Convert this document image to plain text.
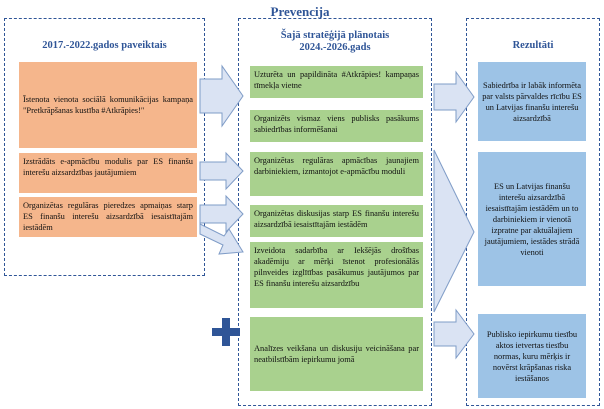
Prevencija
2017.-2022.gados paveiktais
Šajā stratēģijā plānotais
2024.-2026.gads	Rezultāti
Īstenota vienota sociālā komunikācijas kampaņa "Pretkrāpšanas kustība #Atkrāpies!"
Izstrādāts e-apmācību modulis par ES finanšu interešu aizsardzības jautājumiem
Organizētas regulāras pieredzes apmaiņas starp ES finanšu interešu aizsardzībā iesaistītajām iestādēm
Uzturēta un papildināta #Atkrāpies! kampaņas tīmekļa vietne
Organizēts vismaz viens publisks pasākums sabiedrības informēšanai
Organizētas regulāras apmācības jaunajiem darbiniekiem, izmantojot e-apmācību moduli
Organizētas diskusijas starp ES finanšu interešu aizsardzībā iesaistītajām iestādēm
Izveidota sadarbība ar Iekšējās drošības akadēmiju ar mērķi īstenot profesionālās pilnveides izglītības pasākumus jautājumos par ES finanšu interešu aizsardzību
Analīzes veikšana un diskusiju veicināšana par neatbilstībām iepirkumu jomā
Sabiedrība ir labāk informēta par valsts pārvaldes rīcību ES un Latvijas finanšu interešu aizsardzībā
ES un Latvijas finanšu interešu aizsardzībā iesaistītajām iestādēm un to darbiniekiem ir vienotā izpratne par aktuālajiem jautājumiem, iestādes strādā vienoti
Publisko iepirkumu tiesību aktos ietvertas tiesību normas, kuru mērķis ir novērst krāpšanas riska iestāšanos
